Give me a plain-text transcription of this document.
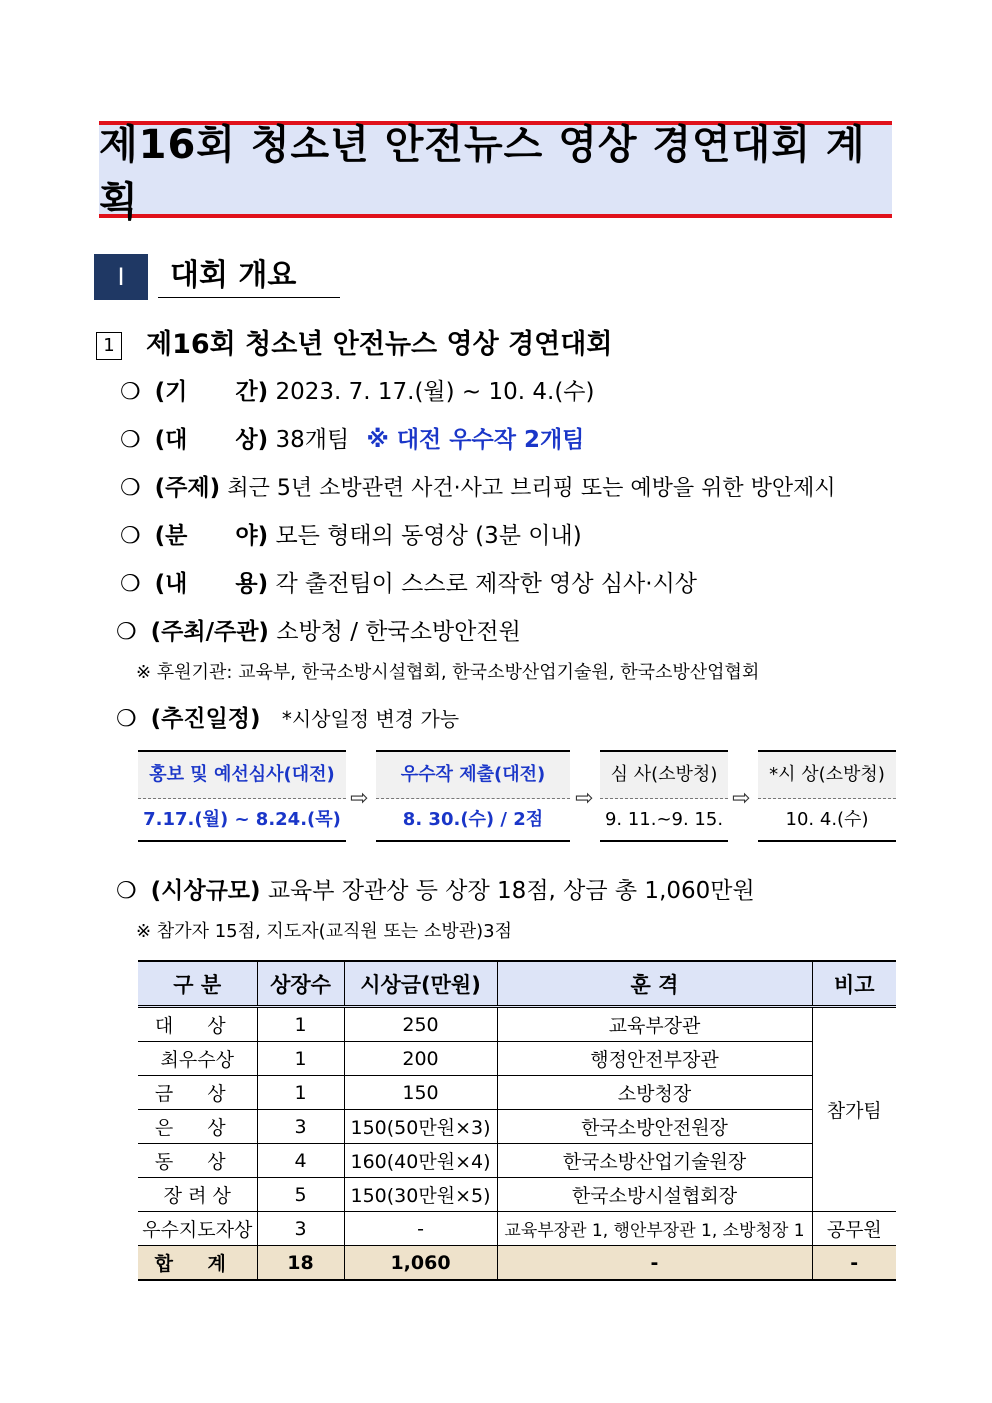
제16회 청소년 안전뉴스 영상 경연대회 계획
Ⅰ	대회 개요
1 제16회 청소년 안전뉴스 영상 경연대회
❍ (기      간) 2023. 7. 17.(월) ~ 10. 4.(수)
❍ (대      상) 38개팀 ※ 대전 우수작 2개팀
❍ (주제) 최근 5년 소방관련 사건·사고 브리핑 또는 예방을 위한 방안제시
❍ (분      야) 모든 형태의 동영상 (3분 이내)
❍ (내      용) 각 출전팀이 스스로 제작한 영상 심사·시상
❍ (주최/주관) 소방청 / 한국소방안전원
※ 후원기관: 교육부, 한국소방시설협회, 한국소방산업기술원, 한국소방산업협회
❍ (추진일정) *시상일정 변경 가능
홍보 및 예선심사(대전)
7.17.(월) ~ 8.24.(목)
⇨
우수작 제출(대전)
8. 30.(수) / 2점
⇨
심 사(소방청)
9. 11.~9. 15.
⇨
*시 상(소방청)
10. 4.(수)
❍ (시상규모) 교육부 장관상 등 상장 18점, 상금 총 1,060만원
※ 참가자 15점, 지도자(교직원 또는 소방관)3점
구 분	상장수	시상금(만원)	훈 격	비고
대 상	1	250	교육부장관	참가팀
최우수상	1	200	행정안전부장관	
금 상	1	150	소방청장	
은 상	3	150(50만원×3)	한국소방안전원장	
동 상	4	160(40만원×4)	한국소방산업기술원장	
장 려 상	5	150(30만원×5)	한국소방시설협회장	
우수지도자상	3	-	교육부장관 1, 행안부장관 1, 소방청장 1	공무원
합 계	18	1,060	-	-
